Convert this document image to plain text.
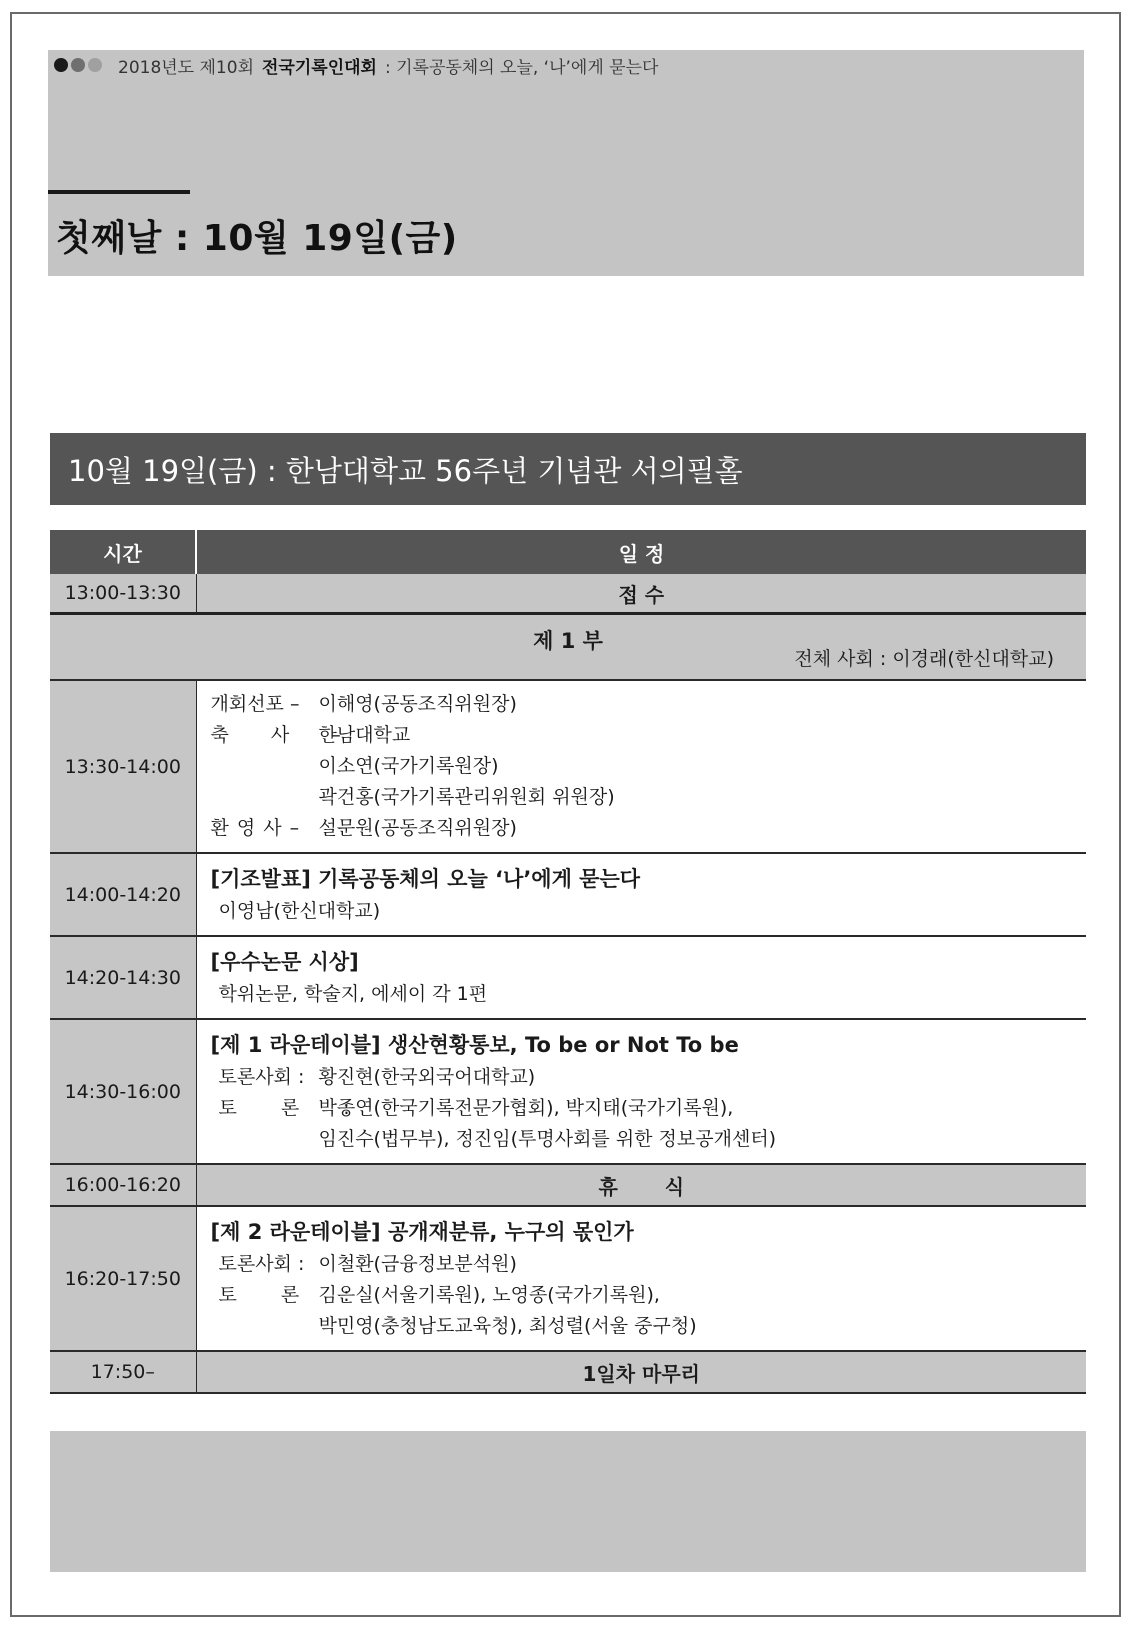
2018년도 제10회 전국기록인대회 : 기록공동체의 오늘, ‘나’에게 묻는다
첫째날 : 10월 19일(금)
10월 19일(금) : 한남대학교 56주년 기념관 서의필홀
시간	일 정
13:00-13:30	접 수

제 1 부
전체 사회 : 이경래(한신대학교)	

13:30-14:00	개회선포 – 이해영(공동조직위원장)
축 사 –한남대학교
이소연(국가기록원장)
곽건홍(국가기록관리위원회 위원장)
환 영 사 – 설문원(공동조직위원장)

14:00-14:20	[기조발표] 기록공동체의 오늘 ‘나’에게 묻는다
이영남(한신대학교)

14:20-14:30	[우수논문 시상]
학위논문, 학술지, 에세이 각 1편

14:30-16:00	[제 1 라운테이블] 생산현황통보, To be or Not To be
토론사회 : 황진현(한국외국어대학교)
토 론 :박종연(한국기록전문가협회), 박지태(국가기록원),
임진수(법무부), 정진임(투명사회를 위한 정보공개센터)

16:00-16:20	휴 식
16:20-17:50	[제 2 라운테이블] 공개재분류, 누구의 몫인가
토론사회 : 이철환(금융정보분석원)
토 론 :김은실(서울기록원), 노영종(국가기록원),
박민영(충청남도교육청), 최성렬(서울 중구청)

17:50–	1일차 마무리
